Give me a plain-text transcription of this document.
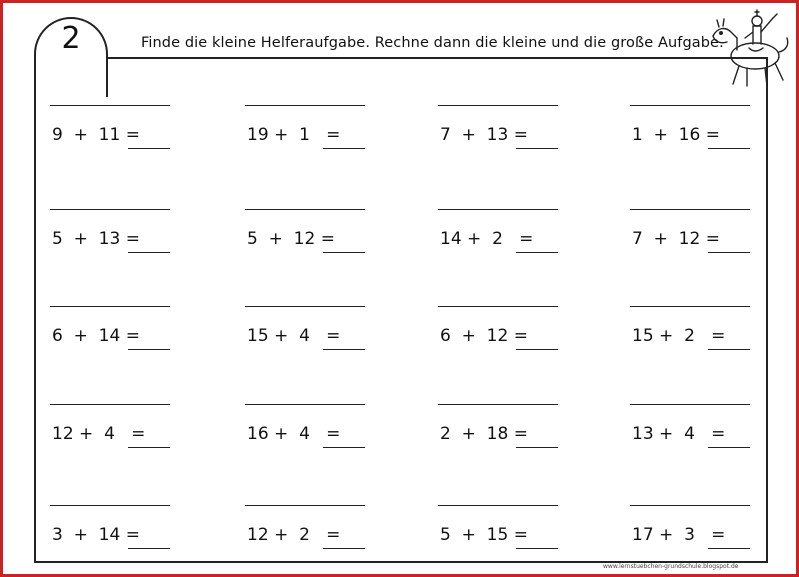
2	Finde die kleine Helferaufgabe. Rechne dann die kleine und die große Aufgabe.
9  +  11 =	19 +  1   =	7  +  13 =	1  +  16 =
5  +  13 =	5  +  12 =	14 +  2   =	7  +  12 =
6  +  14 =	15 +  4   =	6  +  12 =	15 +  2   =
12 +  4   =	16 +  4   =	2  +  18 =	13 +  4   =
3  +  14 =	12 +  2   =	5  +  15 =	17 +  3   =
www.lernstuebchen-grundschule.blogspot.de
